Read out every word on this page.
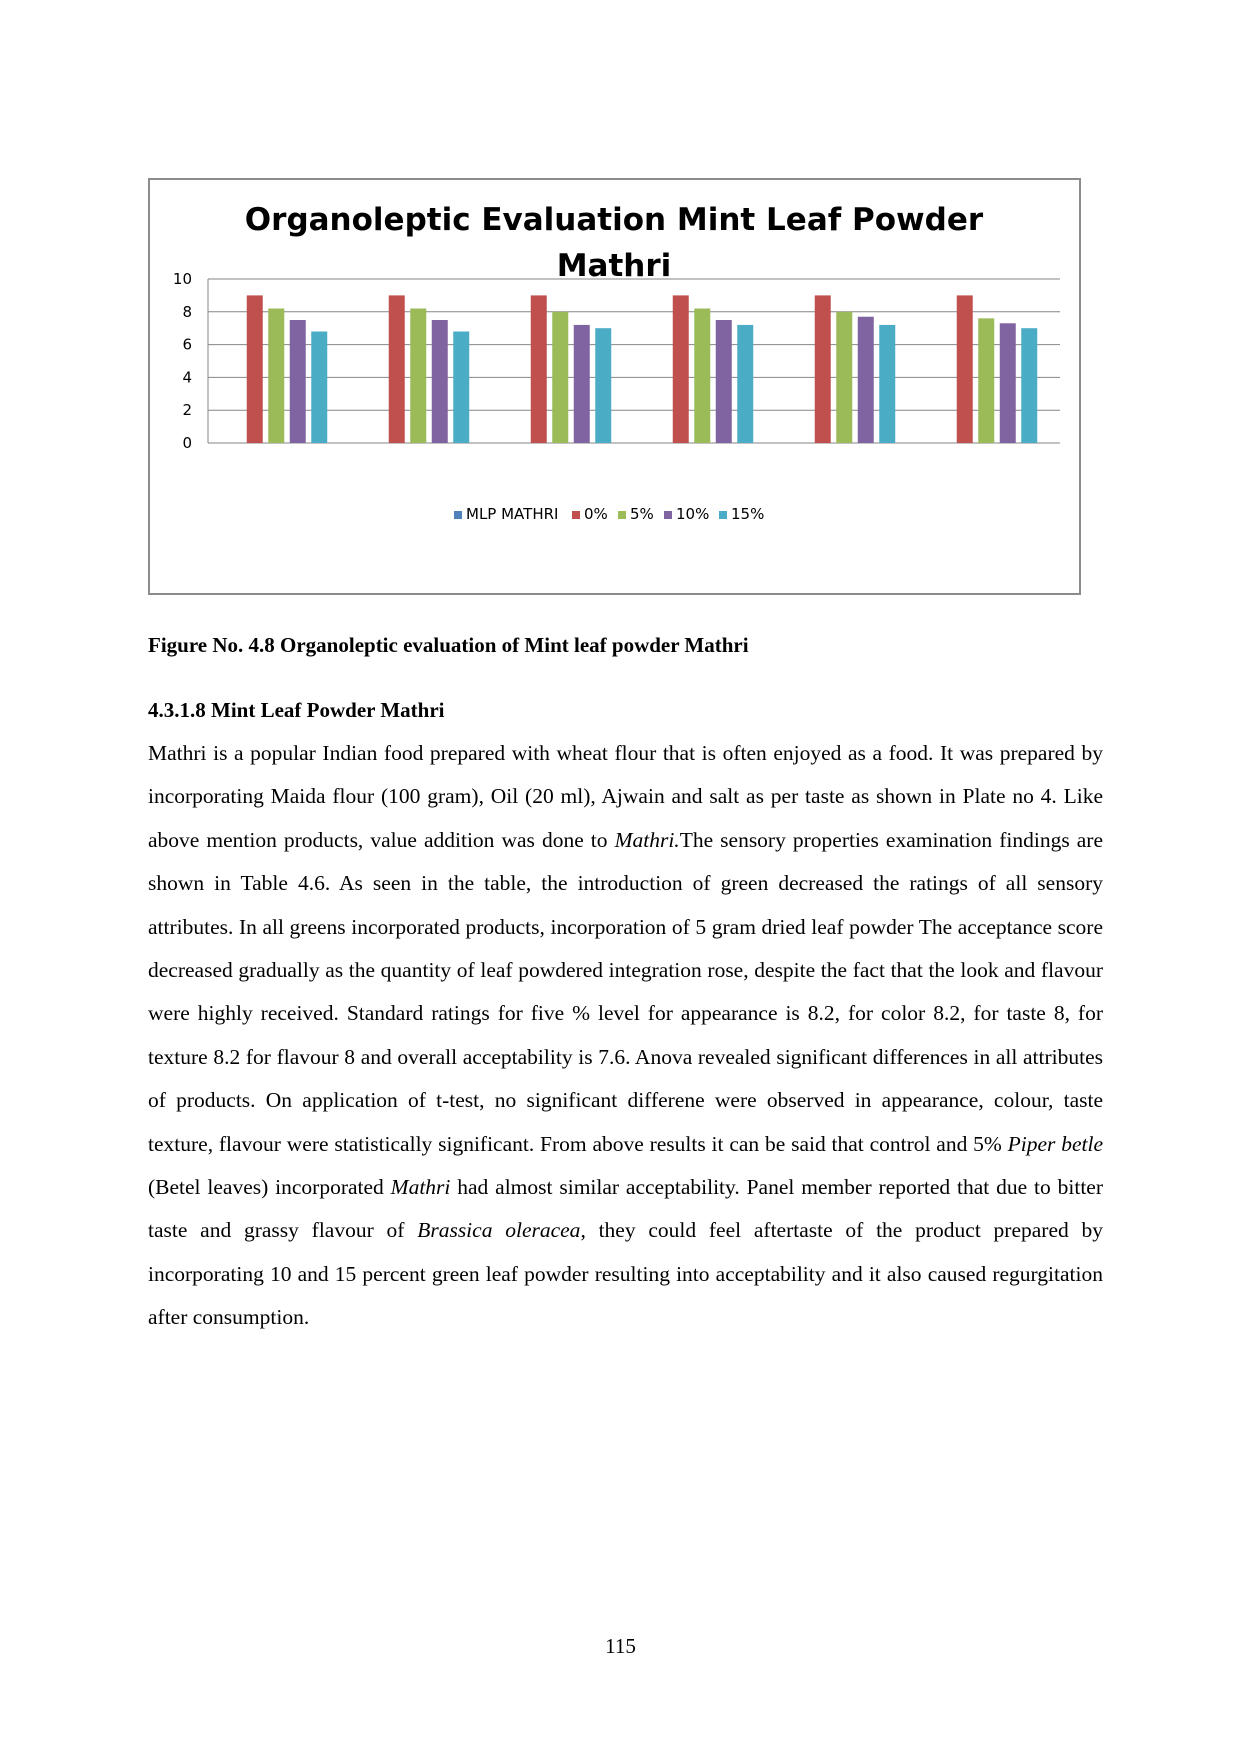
Organoleptic Evaluation Mint Leaf Powder
Mathri
0
2
4
6
8
10
MLP MATHRI 0% 5% 10% 15%
Figure No. 4.8 Organoleptic evaluation of Mint leaf powder Mathri
4.3.1.8 Mint Leaf Powder Mathri
Mathri is a popular Indian food prepared with wheat flour that is often enjoyed as a food. It was prepared by incorporating Maida flour (100 gram), Oil (20 ml), Ajwain and salt as per taste as shown in Plate no 4. Like above mention products, value addition was done to Mathri.The sensory properties examination findings are shown in Table 4.6. As seen in the table, the introduction of green decreased the ratings of all sensory attributes. In all greens incorporated products, incorporation of 5 gram dried leaf powder The acceptance score decreased gradually as the quantity of leaf powdered integration rose, despite the fact that the look and flavour were highly received. Standard ratings for five % level for appearance is 8.2, for color 8.2, for taste 8, for texture 8.2 for flavour 8 and overall acceptability is 7.6. Anova revealed significant differences in all attributes of products. On application of t-test, no significant differene were observed in appearance, colour, taste texture, flavour were statistically significant. From above results it can be said that control and 5% Piper betle (Betel leaves) incorporated Mathri had almost similar acceptability. Panel member reported that due to bitter taste and grassy flavour of Brassica oleracea, they could feel aftertaste of the product prepared by incorporating 10 and 15 percent green leaf powder resulting into acceptability and it also caused regurgitation after consumption.
115
